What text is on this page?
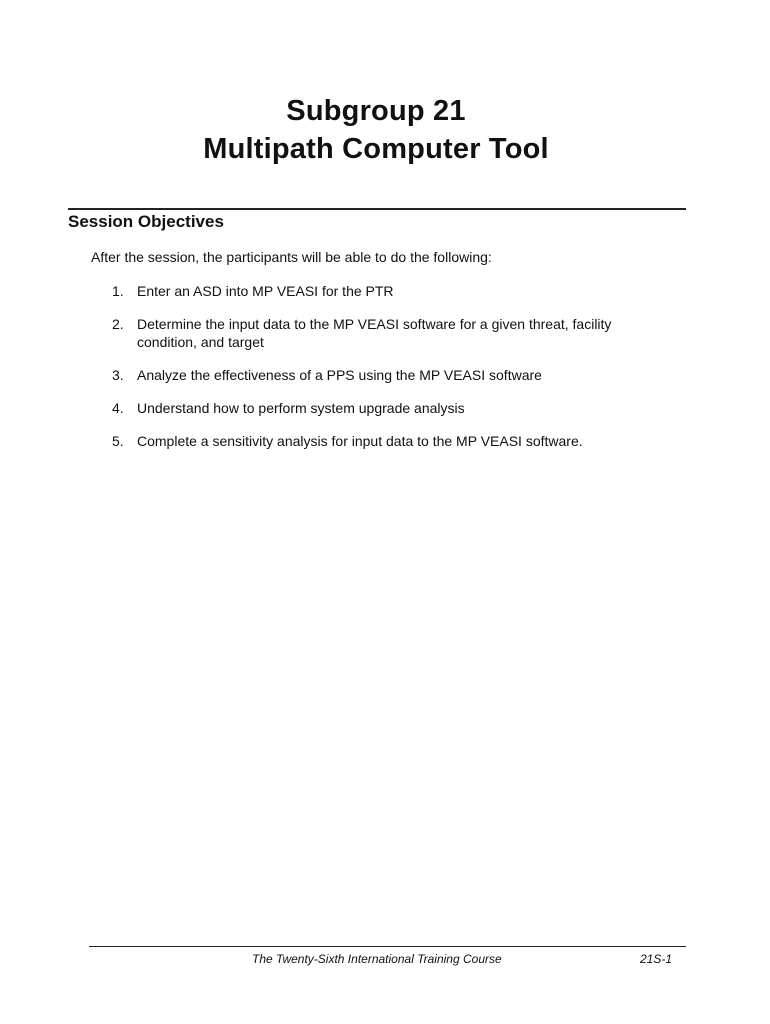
Subgroup 21
Multipath Computer Tool
Session Objectives
After the session, the participants will be able to do the following:
1. Enter an ASD into MP VEASI for the PTR
2. Determine the input data to the MP VEASI software for a given threat, facility condition, and target
3. Analyze the effectiveness of a PPS using the MP VEASI software
4. Understand how to perform system upgrade analysis
5. Complete a sensitivity analysis for input data to the MP VEASI software.
The Twenty-Sixth International Training Course	21S-1
